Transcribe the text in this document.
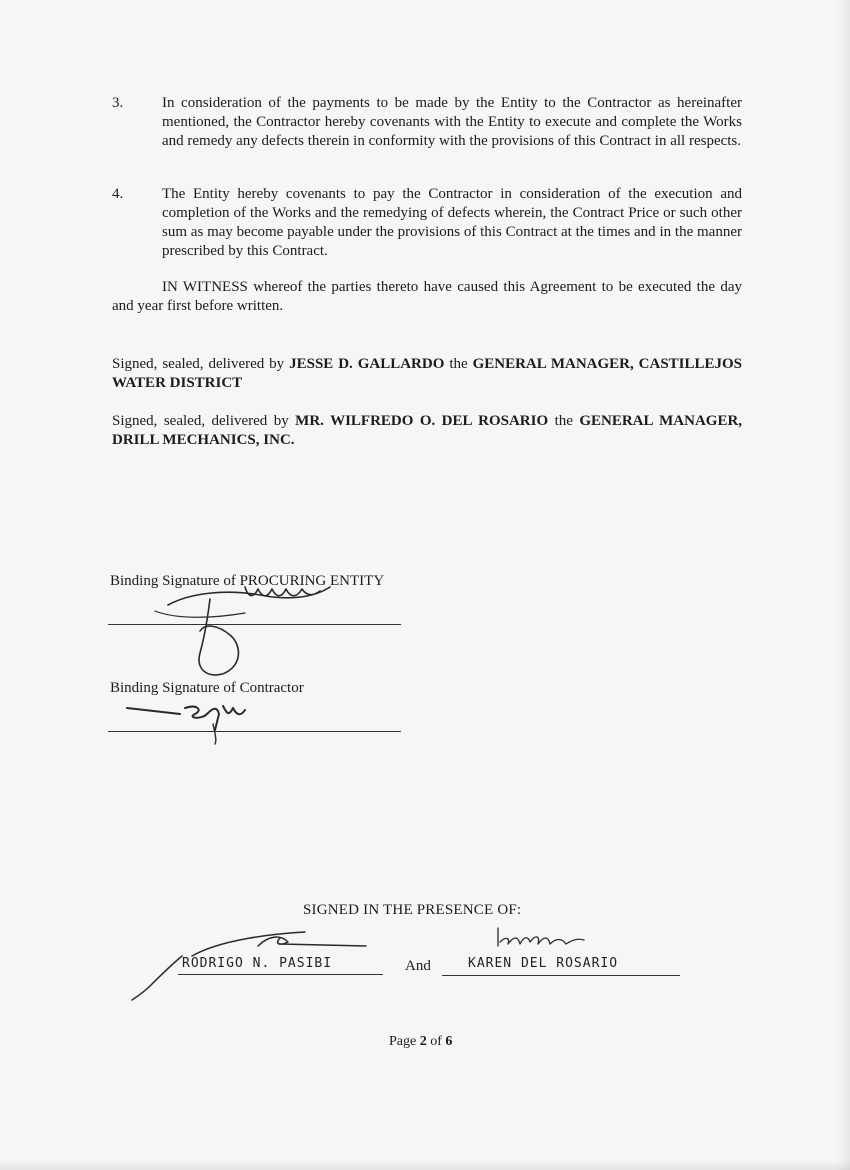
3.	In consideration of the payments to be made by the Entity to the Contractor as hereinafter mentioned, the Contractor hereby covenants with the Entity to execute and complete the Works and remedy any defects therein in conformity with the provisions of this Contract in all respects.
4.	The Entity hereby covenants to pay the Contractor in consideration of the execution and completion of the Works and the remedying of defects wherein, the Contract Price or such other sum as may become payable under the provisions of this Contract at the times and in the manner prescribed by this Contract.
IN WITNESS whereof the parties thereto have caused this Agreement to be executed the day and year first before written.
Signed, sealed, delivered by JESSE D. GALLARDO the GENERAL MANAGER, CASTILLEJOS WATER DISTRICT
Signed, sealed, delivered by MR. WILFREDO O. DEL ROSARIO the GENERAL MANAGER, DRILL MECHANICS, INC.
Binding Signature of PROCURING ENTITY
Binding Signature of Contractor
SIGNED IN THE PRESENCE OF:
RODRIGO N. PASIBI	And	KAREN DEL ROSARIO
Page 2 of 6
